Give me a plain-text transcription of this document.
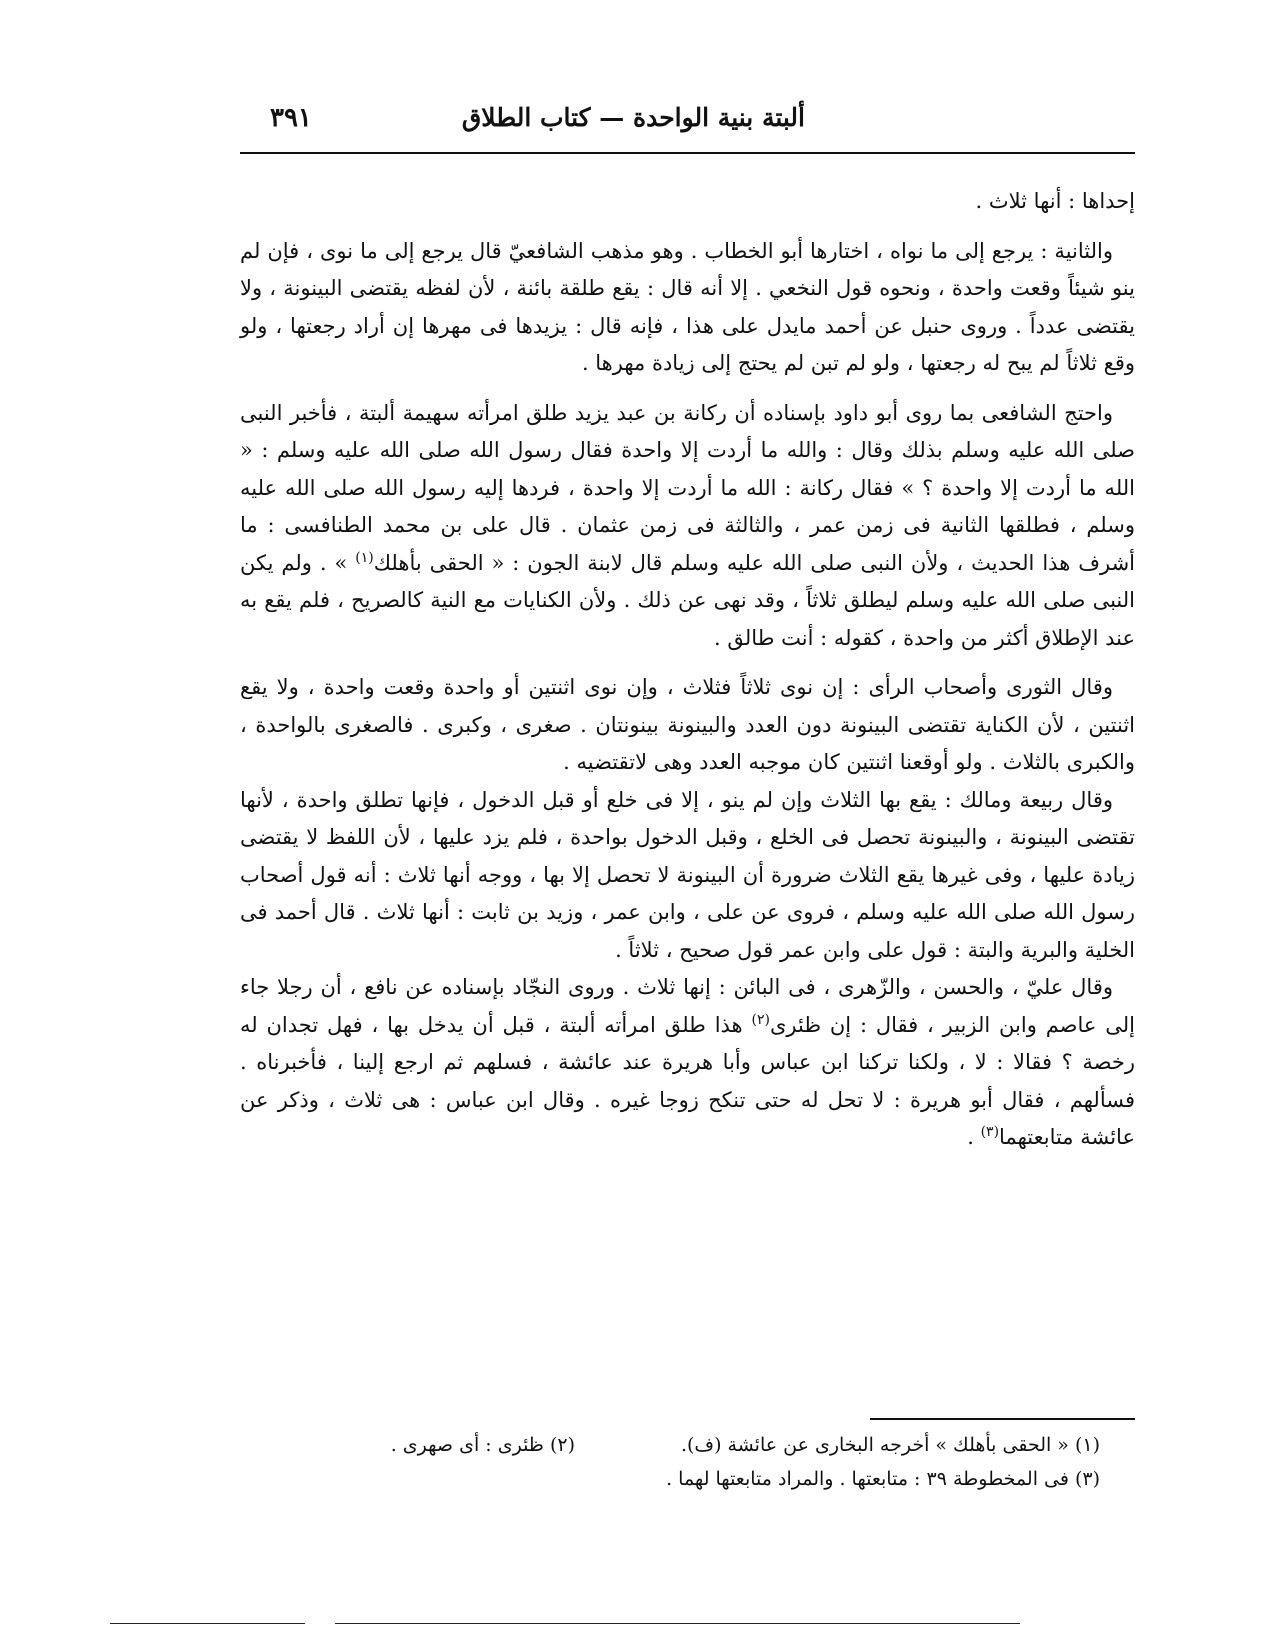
ألبتة بنية الواحدة — كتاب الطلاق
٣٩١

إحداها : أنها ثلاث .

والثانية : يرجع إلى ما نواه ، اختارها أبو الخطاب . وهو مذهب الشافعيّ قال يرجع إلى ما نوى ، فإن لم ينو شيئاً وقعت واحدة ، ونحوه قول النخعي . إلا أنه قال : يقع طلقة بائنة ، لأن لفظه يقتضى البينونة ، ولا يقتضى عدداً . وروى حنبل عن أحمد مايدل على هذا ، فإنه قال : يزيدها فى مهرها إن أراد رجعتها ، ولو وقع ثلاثاً لم يبح له رجعتها ، ولو لم تبن لم يحتج إلى زيادة مهرها .

واحتج الشافعى بما روى أبو داود بإسناده أن ركانة بن عبد يزيد طلق امرأته سهيمة ألبتة ، فأخبر النبى صلى الله عليه وسلم بذلك وقال : والله ما أردت إلا واحدة فقال رسول الله صلى الله عليه وسلم : « الله ما أردت إلا واحدة ؟ » فقال ركانة : الله ما أردت إلا واحدة ، فردها إليه رسول الله صلى الله عليه وسلم ، فطلقها الثانية فى زمن عمر ، والثالثة فى زمن عثمان . قال على بن محمد الطنافسى : ما أشرف هذا الحديث ، ولأن النبى صلى الله عليه وسلم قال لابنة الجون : « الحقى بأهلك$^{(١)}$ » . ولم يكن النبى صلى الله عليه وسلم ليطلق ثلاثاً ، وقد نهى عن ذلك . ولأن الكنايات مع النية كالصريح ، فلم يقع به عند الإطلاق أكثر من واحدة ، كقوله : أنت طالق .

وقال الثورى وأصحاب الرأى : إن نوى ثلاثاً فثلاث ، وإن نوى اثنتين أو واحدة وقعت واحدة ، ولا يقع اثنتين ، لأن الكناية تقتضى البينونة دون العدد والبينونة بينونتان . صغرى ، وكبرى . فالصغرى بالواحدة ، والكبرى بالثلاث . ولو أوقعنا اثنتين كان موجبه العدد وهى لاتقتضيه .

وقال ربيعة ومالك : يقع بها الثلاث وإن لم ينو ، إلا فى خلع أو قبل الدخول ، فإنها تطلق واحدة ، لأنها تقتضى البينونة ، والبينونة تحصل فى الخلع ، وقبل الدخول بواحدة ، فلم يزد عليها ، لأن اللفظ لا يقتضى زيادة عليها ، وفى غيرها يقع الثلاث ضرورة أن البينونة لا تحصل إلا بها ، ووجه أنها ثلاث : أنه قول أصحاب رسول الله صلى الله عليه وسلم ، فروى عن على ، وابن عمر ، وزيد بن ثابت : أنها ثلاث . قال أحمد فى الخلية والبرية والبتة : قول على وابن عمر قول صحيح ، ثلاثاً .

وقال عليّ ، والحسن ، والزّهرى ، فى البائن : إنها ثلاث . وروى النجّاد بإسناده عن نافع ، أن رجلا جاء إلى عاصم وابن الزبير ، فقال : إن ظئرى$^{(٢)}$ هذا طلق امرأته ألبتة ، قبل أن يدخل بها ، فهل تجدان له رخصة ؟ فقالا : لا ، ولكنا تركنا ابن عباس وأبا هريرة عند عائشة ، فسلهم ثم ارجع إلينا ، فأخبرناه . فسألهم ، فقال أبو هريرة : لا تحل له حتى تنكح زوجا غيره . وقال ابن عباس : هى ثلاث ، وذكر عن عائشة متابعتهما$^{(٣)}$ .

(١)« الحقى بأهلك » أخرجه البخارى عن عائشة (ف).
(٢)ظئرى : أى صهرى .
(٣)فى المخطوطة ٣٩ : متابعتها . والمراد متابعتها لهما .
